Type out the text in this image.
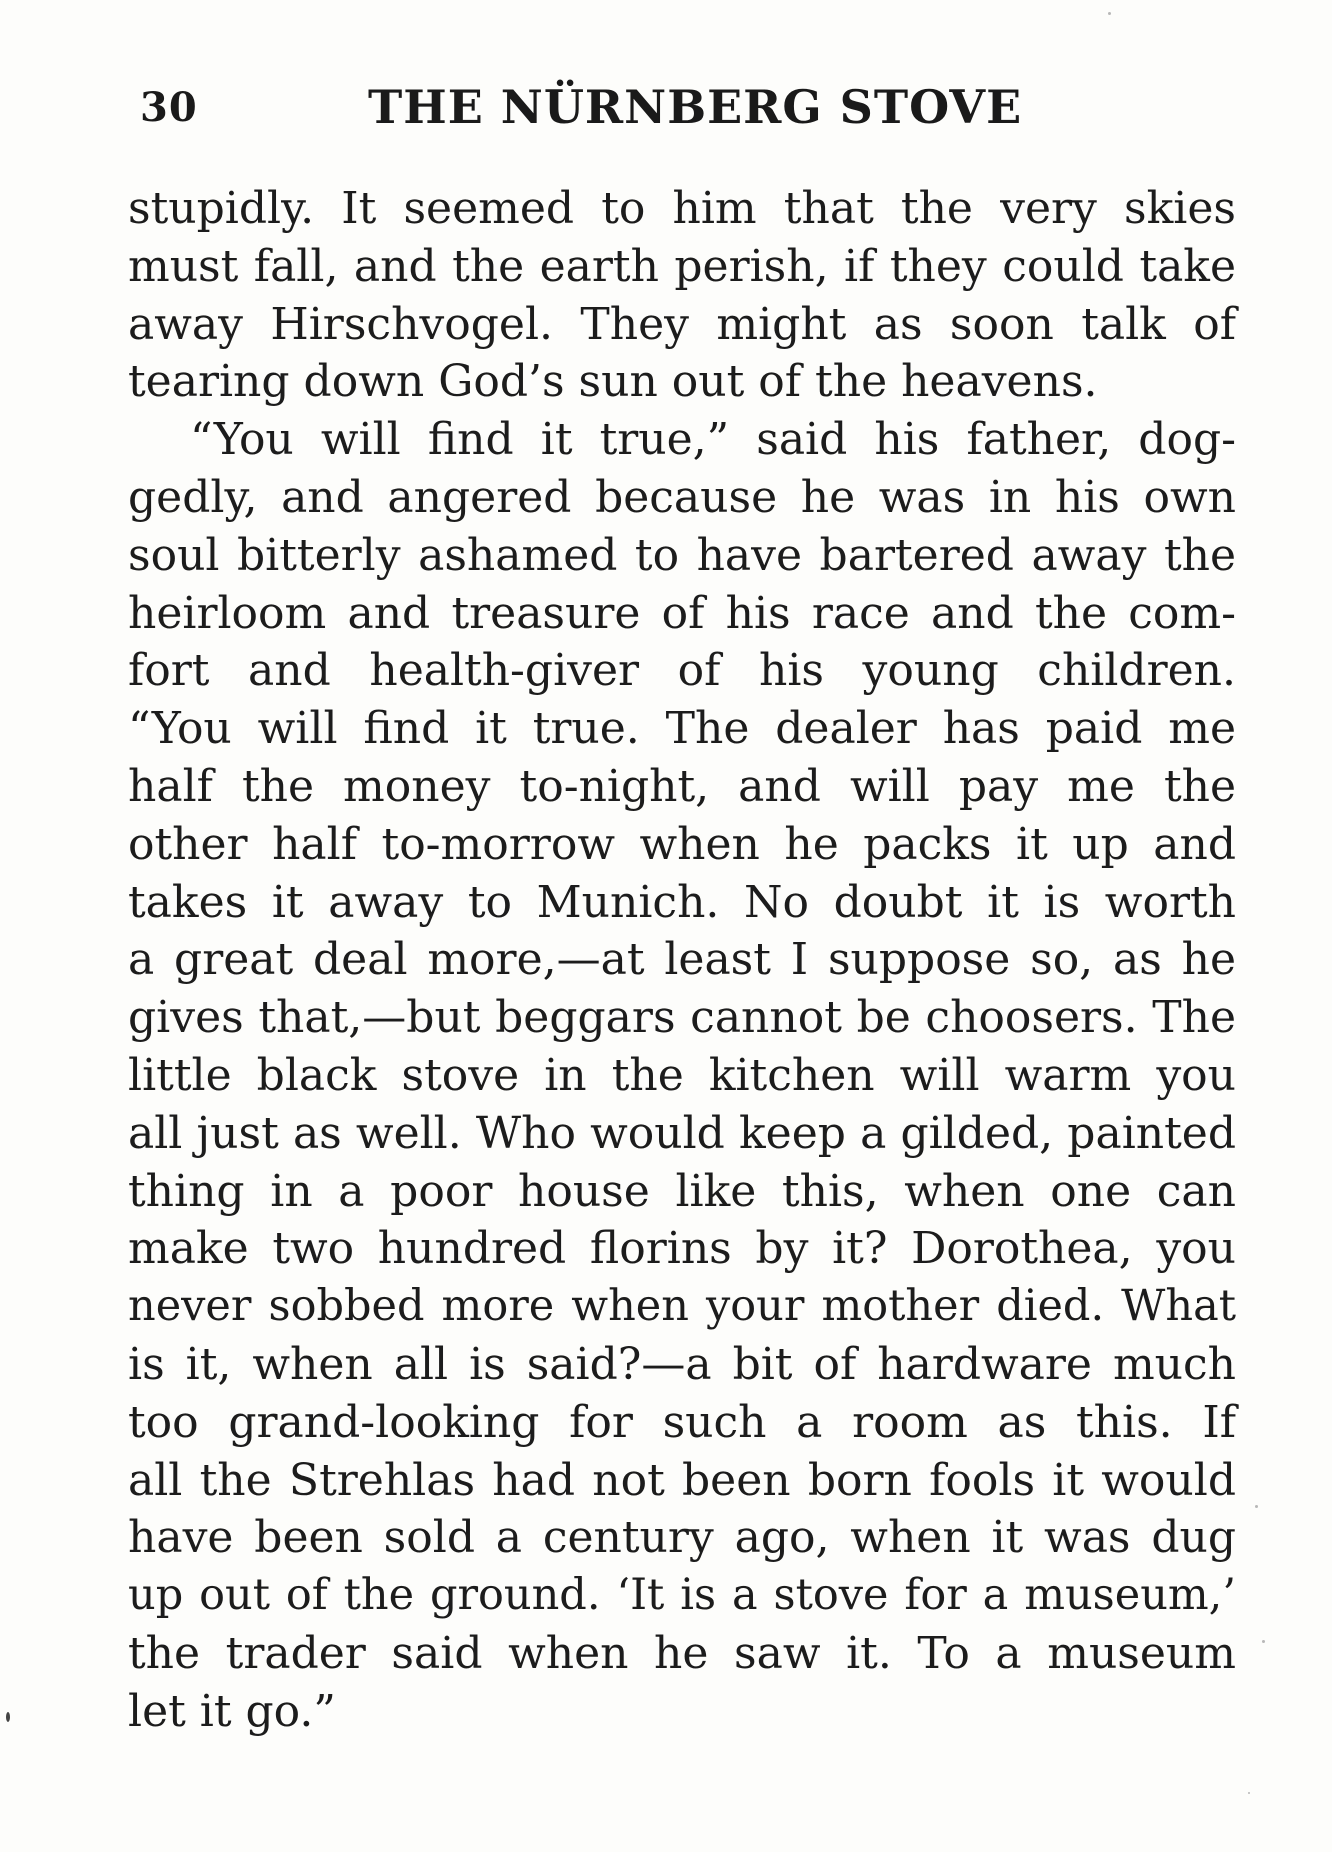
30	THE NÜRNBERG STOVE
stupidly. It seemed to him that the very skies
must fall, and the earth perish, if they could take
away Hirschvogel. They might as soon talk of
tearing down God’s sun out of the heavens.
“You will find it true,” said his father, dog-
gedly, and angered because he was in his own
soul bitterly ashamed to have bartered away the
heirloom and treasure of his race and the com-
fort and health-giver of his young children.
“You will find it true. The dealer has paid me
half the money to-night, and will pay me the
other half to-morrow when he packs it up and
takes it away to Munich. No doubt it is worth
a great deal more,—at least I suppose so, as he
gives that,—but beggars cannot be choosers. The
little black stove in the kitchen will warm you
all just as well. Who would keep a gilded, painted
thing in a poor house like this, when one can
make two hundred florins by it? Dorothea, you
never sobbed more when your mother died. What
is it, when all is said?—a bit of hardware much
too grand-looking for such a room as this. If
all the Strehlas had not been born fools it would
have been sold a century ago, when it was dug
up out of the ground. ‘It is a stove for a museum,’
the trader said when he saw it. To a museum
let it go.”
